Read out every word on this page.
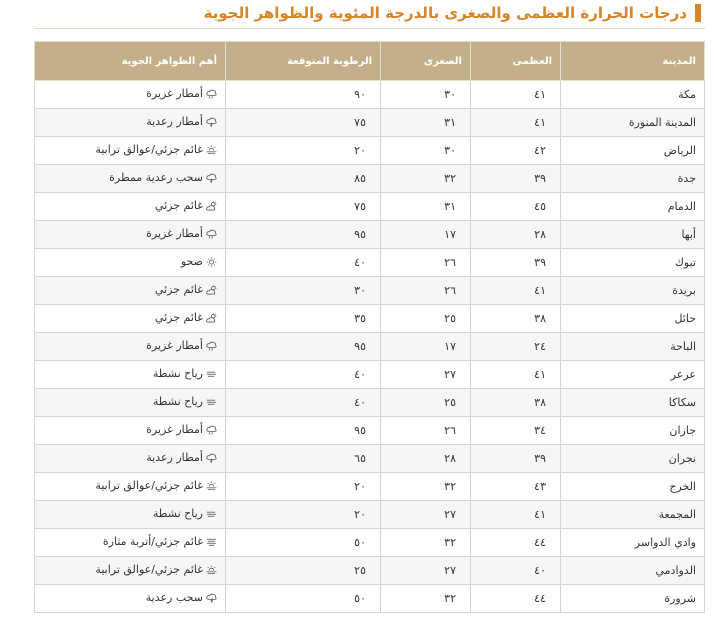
درجات الحرارة العظمى والصغرى بالدرجة المئوية والظواهر الجوية
المدينة	العظمى	الصغرى	الرطوبة المتوقعة	أهم الظواهر الجوية
مكة	٤١	٣٠	٩٠	أمطار غزيرة

المدينة المنورة	٤١	٣١	٧٥	أمطار رعدية

الرياض	٤٢	٣٠	٢٠	غائم جزئي/عوالق ترابية

جدة	٣٩	٣٢	٨٥	سحب رعدية ممطرة

الدمام	٤٥	٣١	٧٥	غائم جزئي

أبها	٢٨	١٧	٩٥	أمطار غزيرة

تبوك	٣٩	٢٦	٤٠	صحو

بريدة	٤١	٢٦	٣٠	غائم جزئي

حائل	٣٨	٢٥	٣٥	غائم جزئي

الباحة	٢٤	١٧	٩٥	أمطار غزيرة

عرعر	٤١	٢٧	٤٠	رياح نشطة

سكاكا	٣٨	٢٥	٤٠	رياح نشطة

جازان	٣٤	٢٦	٩٥	أمطار غزيرة

نجران	٣٩	٢٨	٦٥	أمطار رعدية

الخرج	٤٣	٣٢	٢٠	غائم جزئي/عوالق ترابية

المجمعة	٤١	٢٧	٢٠	رياح نشطة

وادي الدواسر	٤٤	٣٢	٥٠	غائم جزئي/أتربة مثارة

الدوادمي	٤٠	٢٧	٢٥	غائم جزئي/عوالق ترابية

شرورة	٤٤	٣٢	٥٠	سحب رعدية
